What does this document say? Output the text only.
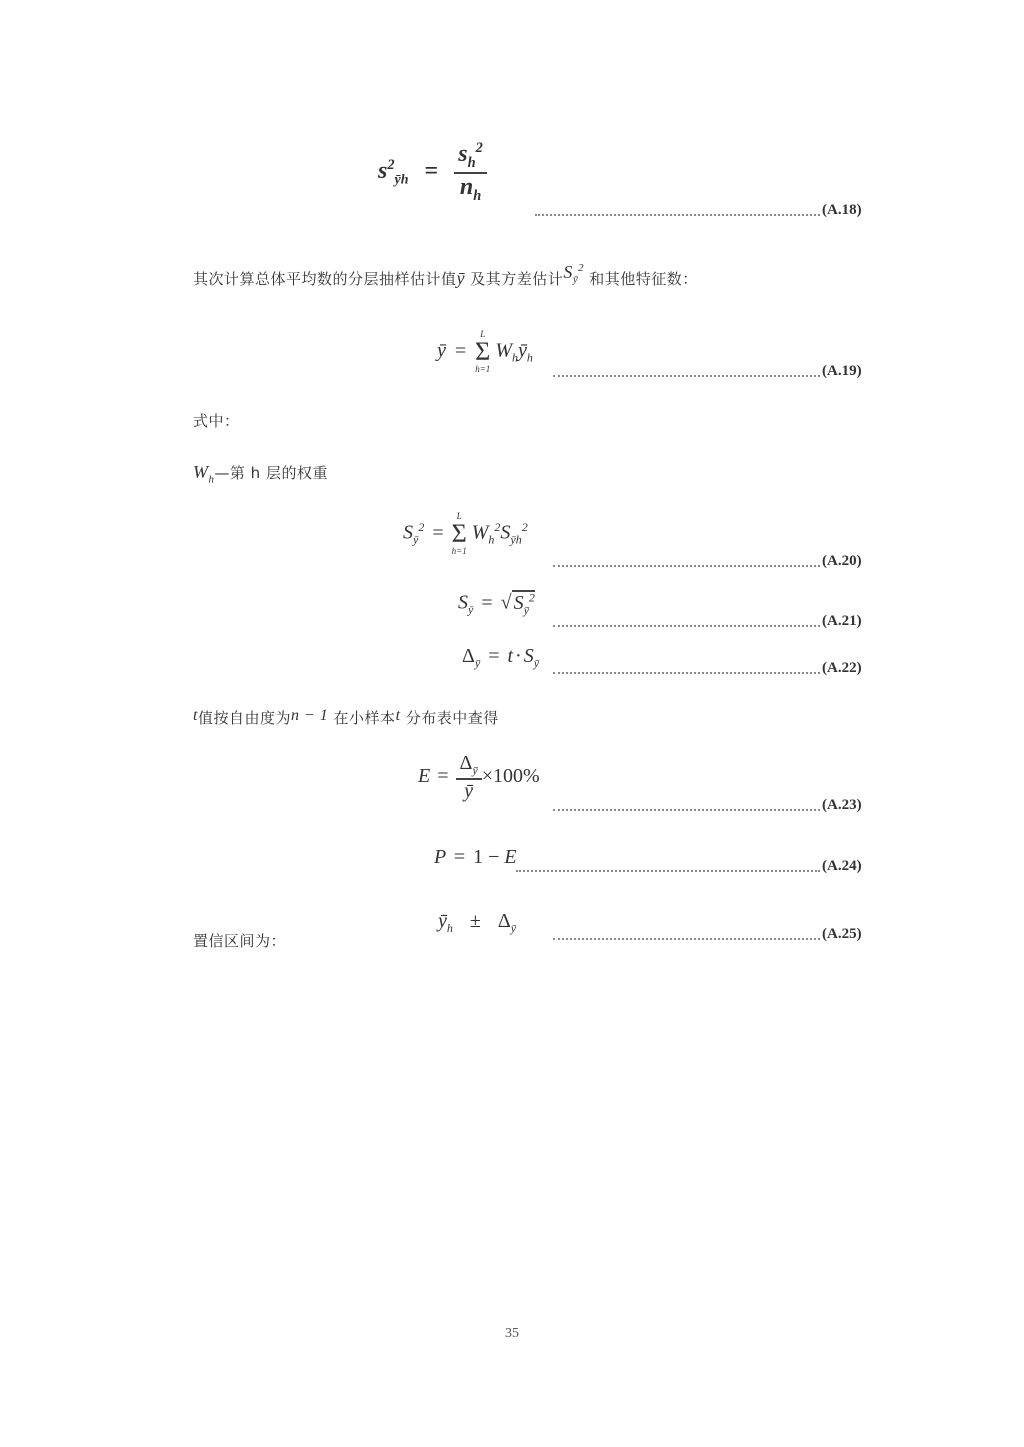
$s^2_{ȳh} = \frac{s_h^2}{n_h}$
(A.18)
其次计算总体平均数的分层抽样估计值ȳ 及其方差估计$S_ȳ^2$ 和其他特征数：
ȳ =
L
Σ
h=1
$W_hȳ_h$
(A.19)
式中：
$W_h—$第 h 层的权重
$S_ȳ^2$ =
L
Σ
h=1
$W_h^2S_{ȳh}^2$
(A.20)
$S_ȳ$ = √ $S_ȳ^2$
(A.21)
$\Delta_ȳ = t \cdot S_ȳ$	(A.22)
t值按自由度为n − 1 在小样本t 分布表中查得
$E = \frac{\Delta_ȳ}{ȳ} \times 100\%$
(A.23)
P = 1 − E	(A.24)
置信区间为：
$ȳ_h \pm \Delta_ȳ$	(A.25)
35
